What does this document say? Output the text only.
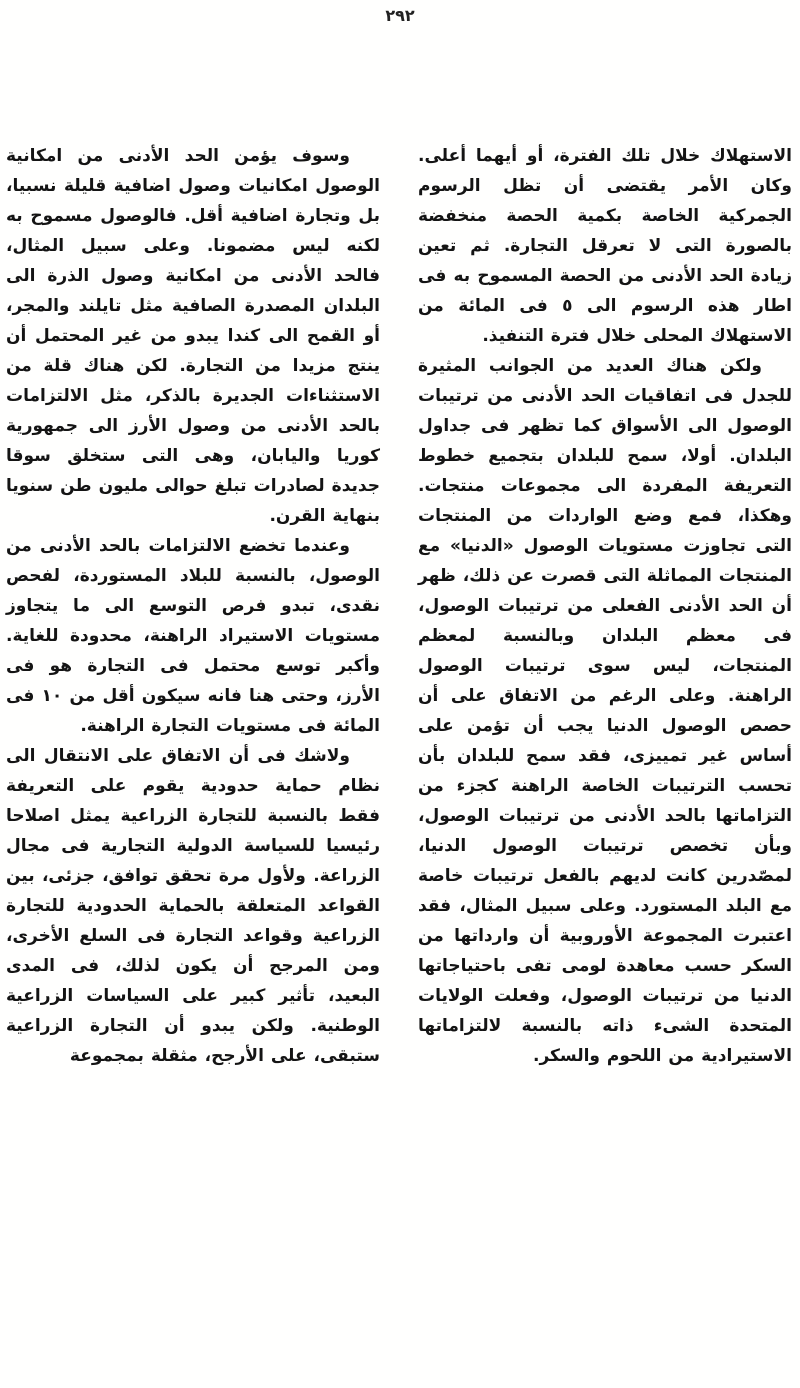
٢٩٢

الاستهلاك خلال تلك الفترة، أو أيهما أعلى. وكان الأمر يقتضى أن تظل الرسوم الجمركية الخاصة بكمية الحصة منخفضة بالصورة التى لا تعرقل التجارة. ثم تعين زيادة الحد الأدنى من الحصة المسموح به فى اطار هذه الرسوم الى ٥ فى المائة من الاستهلاك المحلى خلال فترة التنفيذ.

ولكن هناك العديد من الجوانب المثيرة للجدل فى اتفاقيات الحد الأدنى من ترتيبات الوصول الى الأسواق كما تظهر فى جداول البلدان. أولا، سمح للبلدان بتجميع خطوط التعريفة المفردة الى مجموعات منتجات. وهكذا، فمع وضع الواردات من المنتجات التى تجاوزت مستويات الوصول «الدنيا» مع المنتجات المماثلة التى قصرت عن ذلك، ظهر أن الحد الأدنى الفعلى من ترتيبات الوصول، فى معظم البلدان وبالنسبة لمعظم المنتجات، ليس سوى ترتيبات الوصول الراهنة. وعلى الرغم من الاتفاق على أن حصص الوصول الدنيا يجب أن تؤمن على أساس غير تمييزى، فقد سمح للبلدان بأن تحسب الترتيبات الخاصة الراهنة كجزء من التزاماتها بالحد الأدنى من ترتيبات الوصول، وبأن تخصص ترتيبات الوصول الدنيا، لمصّدرين كانت لديهم بالفعل ترتيبات خاصة مع البلد المستورد. وعلى سبيل المثال، فقد اعتبرت المجموعة الأوروبية أن وارداتها من السكر حسب معاهدة لومى تفى باحتياجاتها الدنيا من ترتيبات الوصول، وفعلت الولايات المتحدة الشىء ذاته بالنسبة لالتزاماتها الاستيرادية من اللحوم والسكر.

وسوف يؤمن الحد الأدنى من امكانية الوصول امكانيات وصول اضافية قليلة نسبيا، بل وتجارة اضافية أقل. فالوصول مسموح به لكنه ليس مضمونا. وعلى سبيل المثال، فالحد الأدنى من امكانية وصول الذرة الى البلدان المصدرة الصافية مثل تايلند والمجر، أو القمح الى كندا يبدو من غير المحتمل أن ينتج مزيدا من التجارة. لكن هناك قلة من الاستثناءات الجديرة بالذكر، مثل الالتزامات بالحد الأدنى من وصول الأرز الى جمهورية كوريا واليابان، وهى التى ستخلق سوقا جديدة لصادرات تبلغ حوالى مليون طن سنويا بنهاية القرن.

وعندما تخضع الالتزامات بالحد الأدنى من الوصول، بالنسبة للبلاد المستوردة، لفحص نقدى، تبدو فرص التوسع الى ما يتجاوز مستويات الاستيراد الراهنة، محدودة للغاية. وأكبر توسع محتمل فى التجارة هو فى الأرز، وحتى هنا فانه سيكون أقل من ١٠ فى المائة فى مستويات التجارة الراهنة.

ولاشك فى أن الاتفاق على الانتقال الى نظام حماية حدودية يقوم على التعريفة فقط بالنسبة للتجارة الزراعية يمثل اصلاحا رئيسيا للسياسة الدولية التجارية فى مجال الزراعة. ولأول مرة تحقق توافق، جزئى، بين القواعد المتعلقة بالحماية الحدودية للتجارة الزراعية وقواعد التجارة فى السلع الأخرى، ومن المرجح أن يكون لذلك، فى المدى البعيد، تأثير كبير على السياسات الزراعية الوطنية. ولكن يبدو أن التجارة الزراعية ستبقى، على الأرجح، مثقلة بمجموعة
